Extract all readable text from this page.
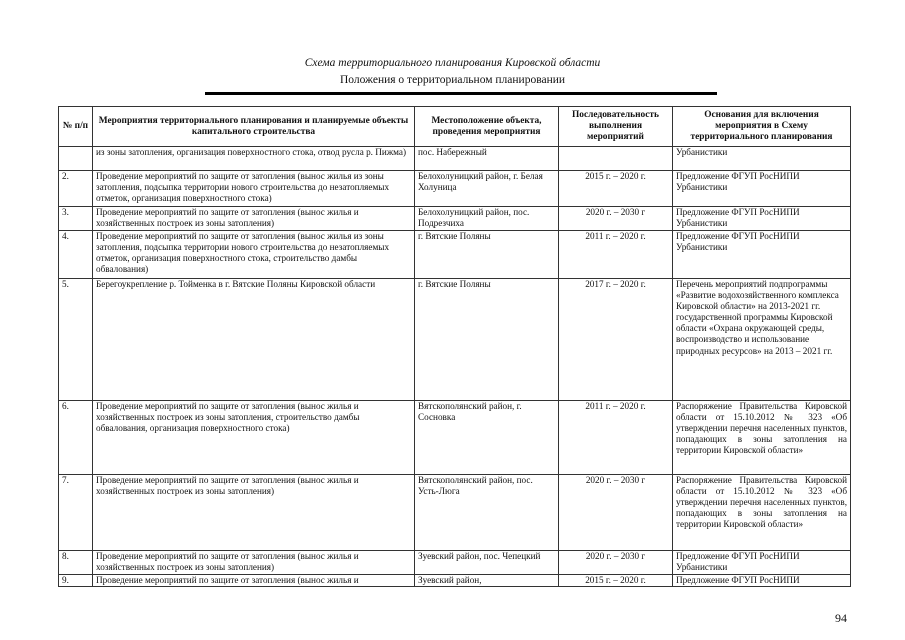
Схема территориального планирования Кировской области
Положения о территориальном планировании
№ п/п	Мероприятия территориального планирования и планируемые объекты капитального строительства	Местоположение объекта, проведения мероприятия	Последовательность выполнения мероприятий	Основания для включения мероприятия в Схему территориального планирования
	из зоны затопления, организация поверхностного стока, отвод русла р. Пижма)	пос. Набережный		Урбанистики
2.	Проведение мероприятий по защите от затопления (вынос жилья из зоны затопления, подсыпка территории нового строительства до незатопляемых отметок, организация поверхностного стока)	Белохолуницкий район, г. Белая Холуница	2015 г. – 2020 г.	Предложение ФГУП РосНИПИ Урбанистики
3.	Проведение мероприятий по защите от затопления (вынос жилья и хозяйственных построек из зоны затопления)	Белохолуницкий район, пос. Подрезчиха	2020 г. – 2030 г	Предложение ФГУП РосНИПИ Урбанистики
4.	Проведение мероприятий по защите от затопления (вынос жилья из зоны затопления, подсыпка территории нового строительства до незатопляемых отметок, организация поверхностного стока, строительство дамбы обвалования)	г. Вятские Поляны	2011 г. – 2020 г.	Предложение ФГУП РосНИПИ Урбанистики
5.	Берегоукрепление р. Тойменка в г. Вятские Поляны Кировской области	г. Вятские Поляны	2017 г. – 2020 г.	Перечень мероприятий подпрограммы «Развитие водохозяйственного комплекса Кировской области» на 2013-2021 гг. государственной программы Кировской области «Охрана окружающей среды, воспроизводство и использование природных ресурсов» на 2013 – 2021 гг.
6.	Проведение мероприятий по защите от затопления (вынос жилья и хозяйственных построек из зоны затопления, строительство дамбы обвалования, организация поверхностного стока)	Вятскополянский район, г. Сосновка	2011 г. – 2020 г.	Распоряжение Правительства Кировской области от 15.10.2012 № 323 «Об утверждении перечня населенных пунктов, попадающих в зоны затопления на территории Кировской области»
7.	Проведение мероприятий по защите от затопления (вынос жилья и хозяйственных построек из зоны затопления)	Вятскополянский район, пос. Усть-Люга	2020 г. – 2030 г	Распоряжение Правительства Кировской области от 15.10.2012 № 323 «Об утверждении перечня населенных пунктов, попадающих в зоны затопления на территории Кировской области»
8.	Проведение мероприятий по защите от затопления (вынос жилья и хозяйственных построек из зоны затопления)	Зуевский район, пос. Чепецкий	2020 г. – 2030 г	Предложение ФГУП РосНИПИ Урбанистики
9.	Проведение мероприятий по защите от затопления (вынос жилья и	Зуевский район,	2015 г. – 2020 г.	Предложение ФГУП РосНИПИ
94
